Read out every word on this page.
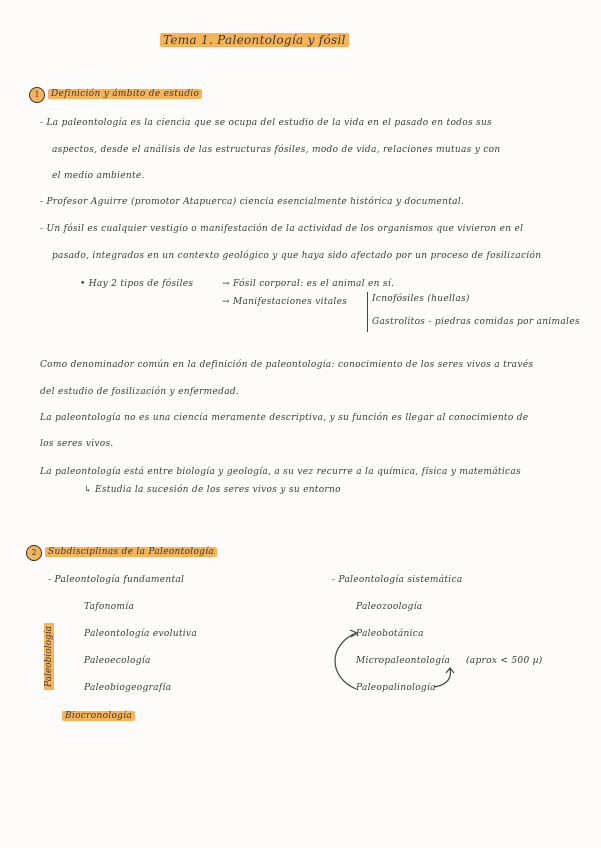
Tema 1. Paleontología y fósil
1	Definición y ámbito de estudio
- La paleontología es la ciencia que se ocupa del estudio de la vida en el pasado en todos sus
aspectos, desde el análisis de las estructuras fósiles, modo de vida, relaciones mutuas y con
el medio ambiente.
- Profesor Aguirre (promotor Atapuerca) ciencia esencialmente histórica y documental.
- Un fósil es cualquier vestigio o manifestación de la actividad de los organismos que vivieron en el
pasado, integrados en un contexto geológico y que haya sido afectado por un proceso de fosilización
• Hay 2 tipos de fósiles	→ Fósil corporal: es el animal en sí.
→ Manifestaciones vitales	Icnofósiles (huellas)
Gastrolitos - piedras comidas por animales
Como denominador común en la definición de paleontología: conocimiento de los seres vivos a través
del estudio de fosilización y enfermedad.
La paleontología no es una ciencia meramente descriptiva, y su función es llegar al conocimiento de
los seres vivos.
La paleontología está entre biología y geología, a su vez recurre a la química, física y matemáticas
↳ Estudia la sucesión de los seres vivos y su entorno
2	Subdisciplinas de la Paleontología
- Paleontología fundamental
Tafonomía
Paleontología evolutiva
Paleoecología
Paleobiogeografía
Paleobiología
Biocronología
- Paleontología sistemática
Paleozoología
Paleobotánica
Micropaleontología (aprox < 500 µ)
Paleopalinología
